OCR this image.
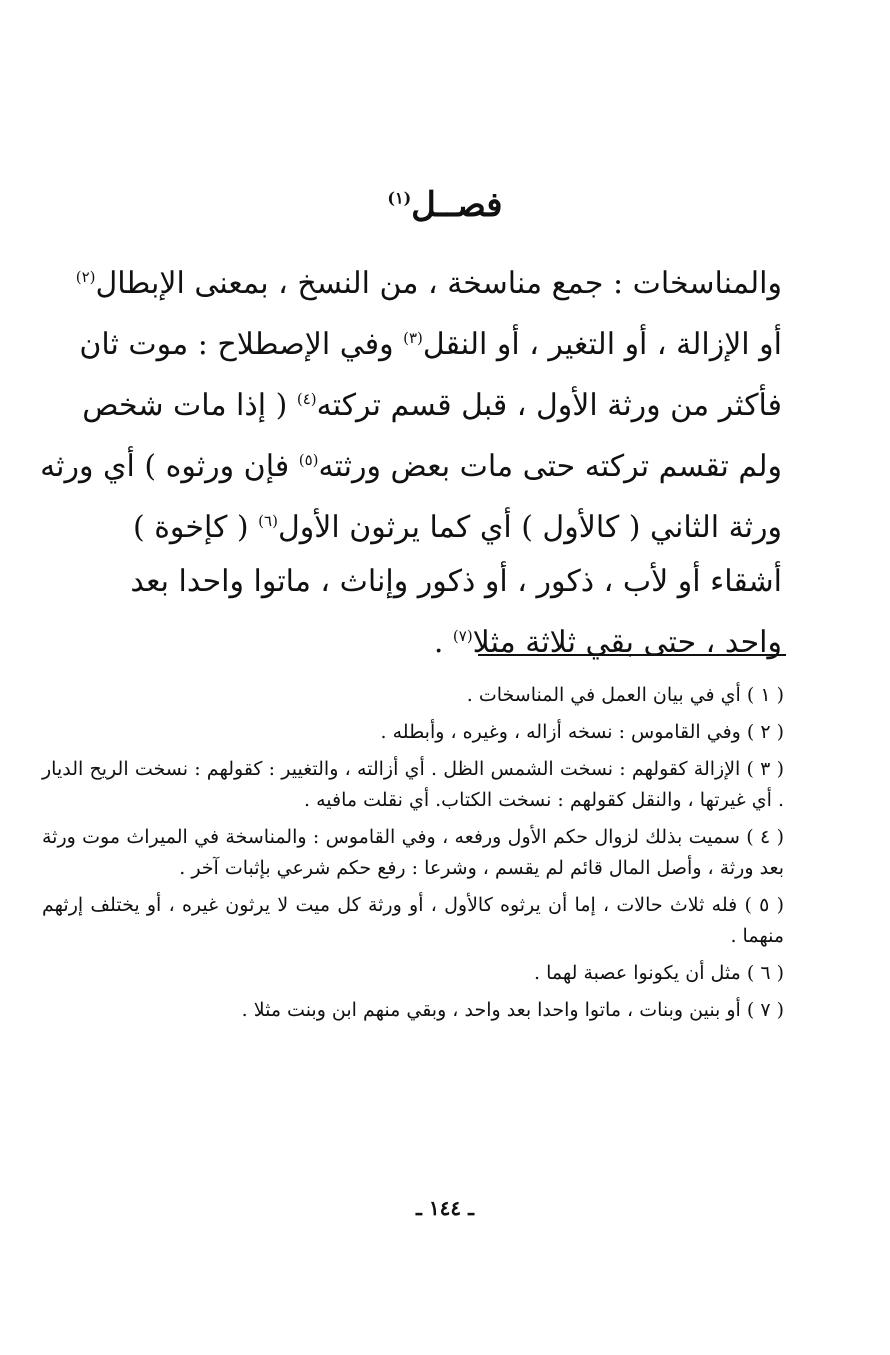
فصــل$^{(١)}$
والمناسخات : جمع مناسخة ، من النسخ ، بمعنى الإبطال$^{(٢)}$
أو الإزالة ، أو التغير ، أو النقل$^{(٣)}$ وفي الإصطلاح : موت ثان
فأكثر من ورثة الأول ، قبل قسم تركته$^{(٤)}$ ( إذا مات شخص
ولم تقسم تركته حتى مات بعض ورثته$^{(٥)}$ فإن ورثوه ) أي ورثه
ورثة الثاني ( كالأول ) أي كما يرثون الأول$^{(٦)}$ ( كإخوة )
أشقاء أو لأب ، ذكور ، أو ذكور وإناث ، ماتوا واحدا بعد
واحد ، حتى بقي ثلاثة مثلا$^{(٧)}$ .
( ١ ) أي في بيان العمل في المناسخات .
( ٢ ) وفي القاموس : نسخه أزاله ، وغيره ، وأبطله .
( ٣ ) الإزالة كقولهم : نسخت الشمس الظل . أي أزالته ، والتغيير : كقولهم : نسخت الريح الديار . أي غيرتها ، والنقل كقولهم : نسخت الكتاب. أي نقلت مافيه .
( ٤ ) سميت بذلك لزوال حكم الأول ورفعه ، وفي القاموس : والمناسخة في الميراث موت ورثة بعد ورثة ، وأصل المال قائم لم يقسم ، وشرعا : رفع حكم شرعي بإثبات آخر .
( ٥ ) فله ثلاث حالات ، إما أن يرثوه كالأول ، أو ورثة كل ميت لا يرثون غيره ، أو يختلف إرثهم منهما .
( ٦ ) مثل أن يكونوا عصبة لهما .
( ٧ ) أو بنين وبنات ، ماتوا واحدا بعد واحد ، وبقي منهم ابن وبنت مثلا .
ـ ١٤٤ ـ
